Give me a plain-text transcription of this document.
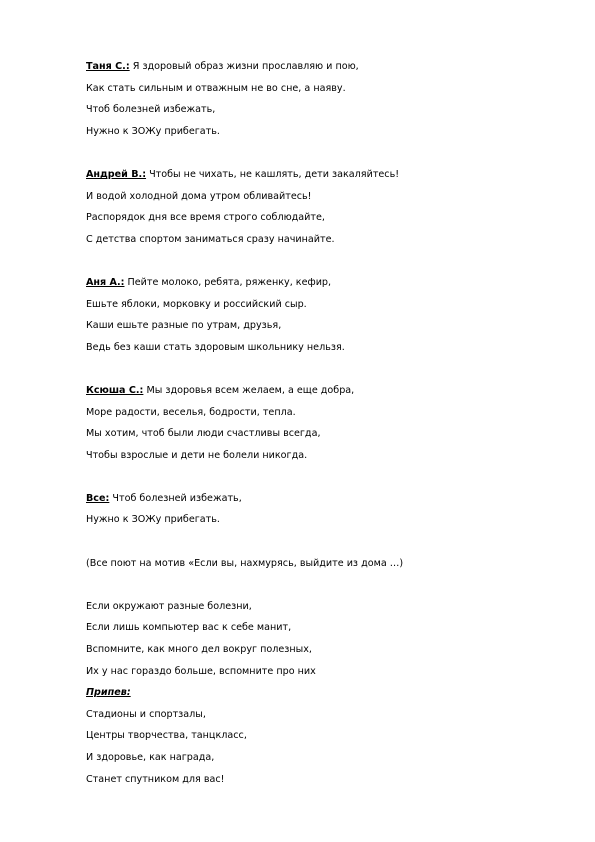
Таня С.: Я здоровый образ жизни прославляю и пою,
Как стать сильным и отважным не во сне, а наяву.
Чтоб болезней избежать,
Нужно к ЗОЖу прибегать.
Андрей В.: Чтобы не чихать, не кашлять, дети закаляйтесь!
И водой холодной дома утром обливайтесь!
Распорядок дня все время строго соблюдайте,
С детства спортом заниматься сразу начинайте.
Аня А.: Пейте молоко, ребята, ряженку, кефир,
Ешьте яблоки, морковку и российский сыр.
Каши ешьте разные по утрам, друзья,
Ведь без каши стать здоровым школьнику нельзя.
Ксюша С.: Мы здоровья всем желаем, а еще добра,
Море радости, веселья, бодрости, тепла.
Мы хотим, чтоб были люди счастливы всегда,
Чтобы взрослые и дети не болели никогда.
Все: Чтоб болезней избежать,
Нужно к ЗОЖу прибегать.
(Все поют на мотив «Если вы, нахмурясь, выйдите из дома …)
Если окружают разные болезни,
Если лишь компьютер вас к себе манит,
Вспомните, как много дел вокруг полезных,
Их у нас гораздо больше, вспомните про них
Припев:
Стадионы и спортзалы,
Центры творчества, танцкласс,
И здоровье, как награда,
Станет спутником для вас!
